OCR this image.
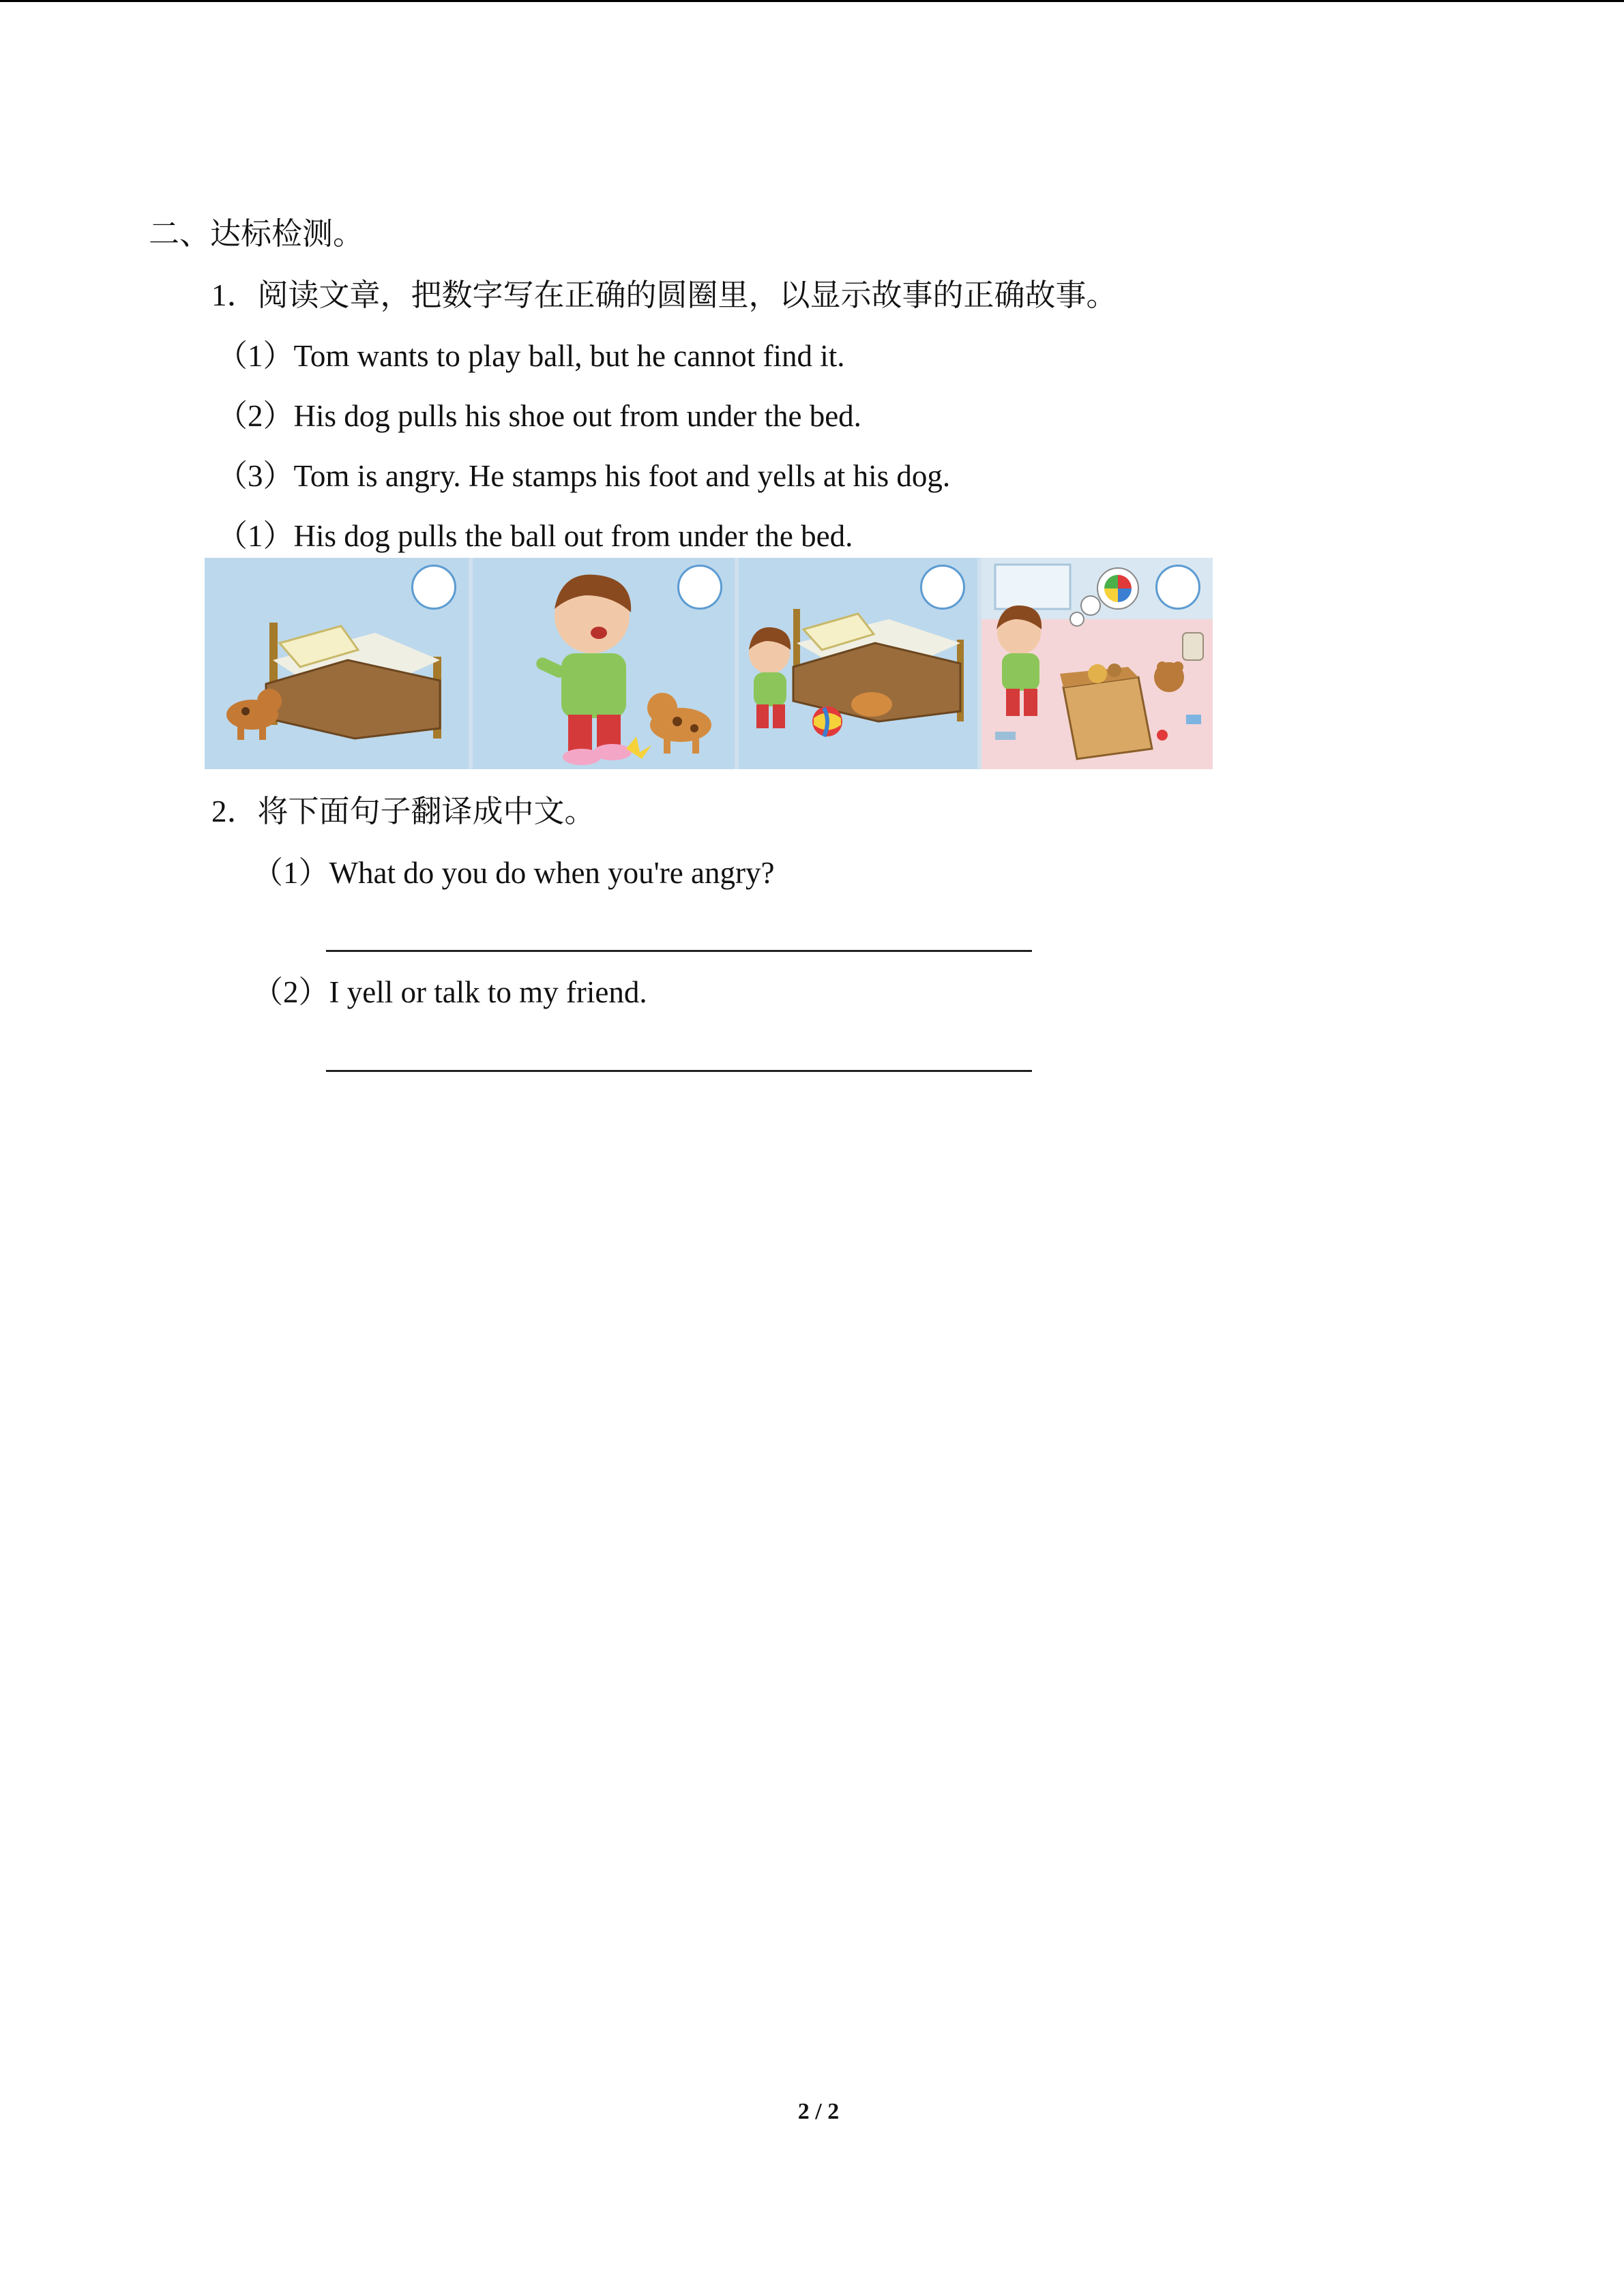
二、达标检测。
1．阅读文章，把数字写在正确的圆圈里，以显示故事的正确故事。
（1）Tom wants to play ball, but he cannot find it.
（2）His dog pulls his shoe out from under the bed.
（3）Tom is angry. He stamps his foot and yells at his dog.
（1）His dog pulls the ball out from under the bed.
2．将下面句子翻译成中文。
（1）What do you do when you're angry?
（2）I yell or talk to my friend.
2 / 2
